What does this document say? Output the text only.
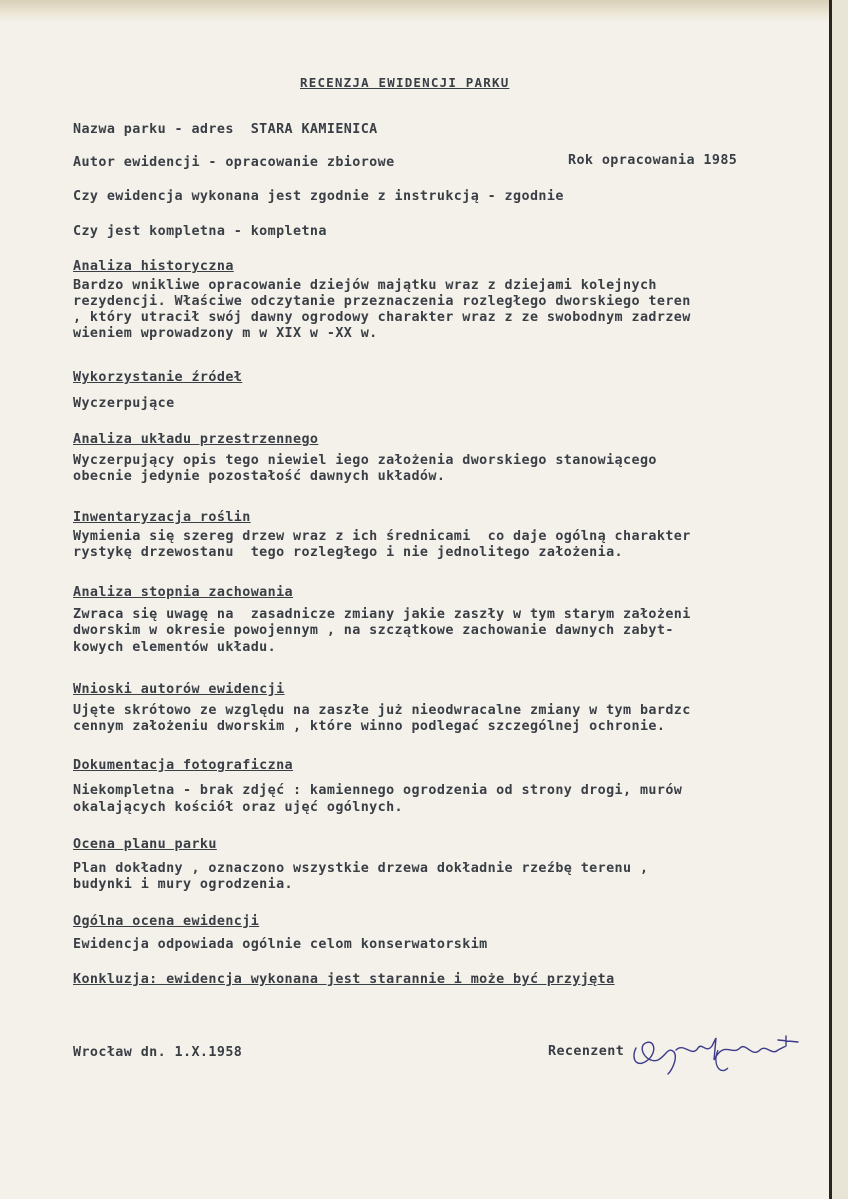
RECENZJA EWIDENCJI PARKU
Nazwa parku - adres  STARA KAMIENICA
Autor ewidencji - opracowanie zbiorowe	Rok opracowania 1985
Czy ewidencja wykonana jest zgodnie z instrukcją - zgodnie
Czy jest kompletna - kompletna
Analiza historyczna
Bardzo wnikliwe opracowanie dziejów majątku wraz z dziejami kolejnych
rezydencji. Właściwe odczytanie przeznaczenia rozległego dworskiego teren
, który utracił swój dawny ogrodowy charakter wraz z ze swobodnym zadrzew
wieniem wprowadzony m w XIX w -XX w.
Wykorzystanie źródeł
Wyczerpujące
Analiza układu przestrzennego
Wyczerpujący opis tego niewiel iego założenia dworskiego stanowiącego
obecnie jedynie pozostałość dawnych układów.
Inwentaryzacja roślin
Wymienia się szereg drzew wraz z ich średnicami  co daje ogólną charakter
rystykę drzewostanu  tego rozległego i nie jednolitego założenia.
Analiza stopnia zachowania
Zwraca się uwagę na  zasadnicze zmiany jakie zaszły w tym starym założeni
dworskim w okresie powojennym , na szczątkowe zachowanie dawnych zabyt-
kowych elementów układu.
Wnioski autorów ewidencji
Ujęte skrótowo ze względu na zaszłe już nieodwracalne zmiany w tym bardzc
cennym założeniu dworskim , które winno podlegać szczególnej ochronie.
Dokumentacja fotograficzna
Niekompletna - brak zdjęć : kamiennego ogrodzenia od strony drogi, murów
okalających kościół oraz ujęć ogólnych.
Ocena planu parku
Plan dokładny , oznaczono wszystkie drzewa dokładnie rzeźbę terenu ,
budynki i mury ogrodzenia.
Ogólna ocena ewidencji
Ewidencja odpowiada ogólnie celom konserwatorskim
Konkluzja: ewidencja wykonana jest starannie i może być przyjęta
Wrocław dn. 1.X.1958	Recenzent
